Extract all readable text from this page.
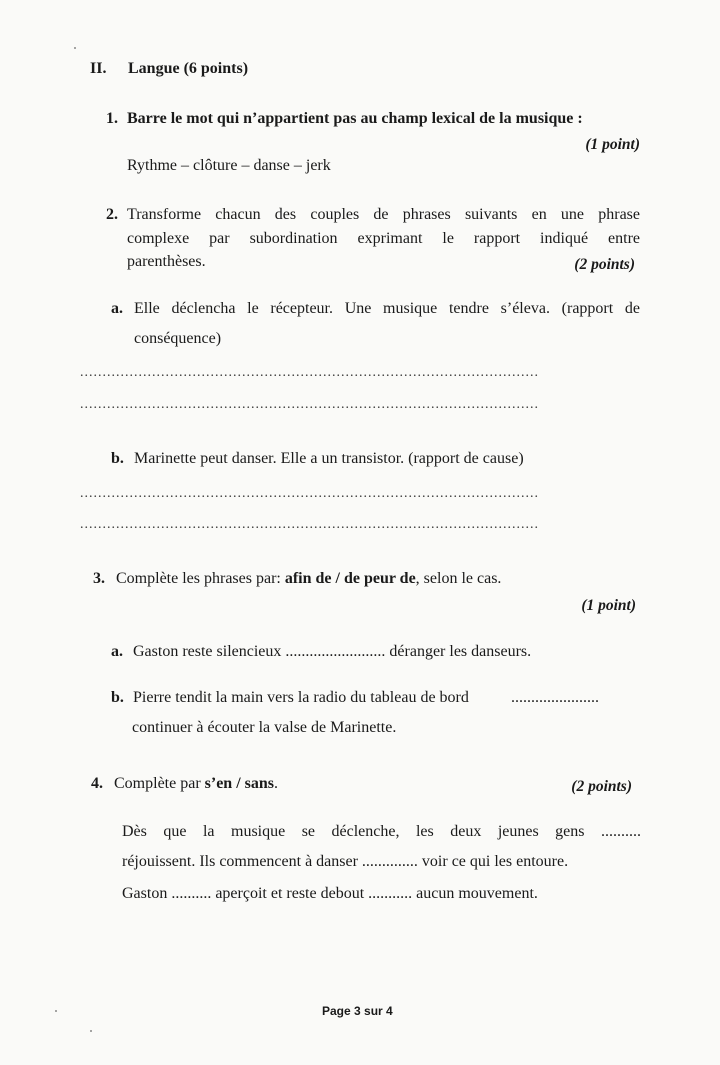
II. Langue (6 points)
1. Barre le mot qui n’appartient pas au champ lexical de la musique :
(1 point)
Rythme – clôture – danse – jerk
2. Transforme chacun des couples de phrases suivants en une phrase
complexe par subordination exprimant le rapport indiqué entre
parenthèses.	(2 points)
a. Elle déclencha le récepteur. Une musique tendre s’éleva. (rapport de
conséquence)
......................................................................................................
......................................................................................................
b. Marinette peut danser. Elle a un transistor. (rapport de cause)
......................................................................................................
......................................................................................................
3. Complète les phrases par: afin de / de peur de, selon le cas.
(1 point)
a. Gaston reste silencieux ......................... déranger les danseurs.
b. Pierre tendit la main vers la radio du tableau de bord	......................
continuer à écouter la valse de Marinette.
4. Complète par s’en / sans.	(2 points)
Dès que la musique se déclenche, les deux jeunes gens ..........
réjouissent. Ils commencent à danser .............. voir ce qui les entoure.
Gaston .......... aperçoit et reste debout ........... aucun mouvement.
Page 3 sur 4
